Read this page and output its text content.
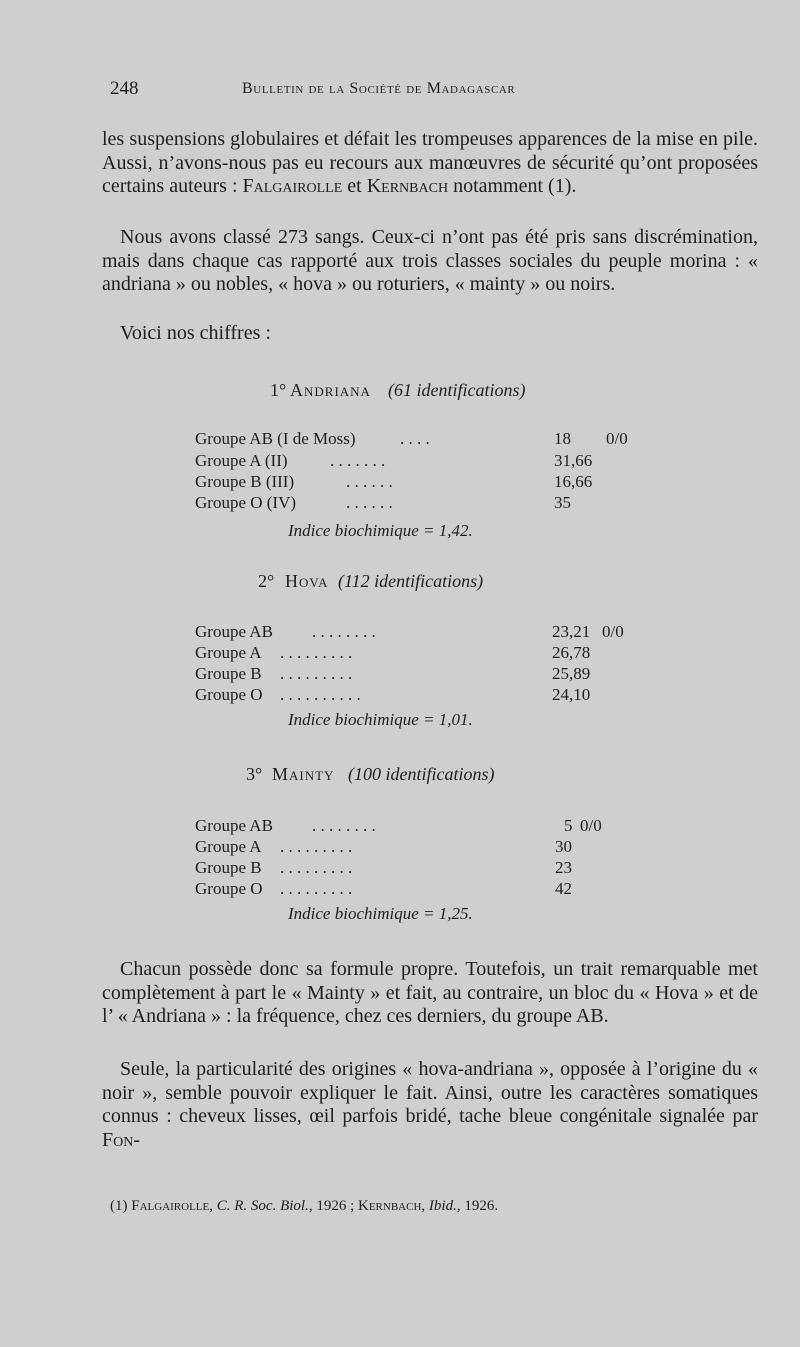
248	Bulletin de la Société de Madagascar

les suspensions globulaires et défait les trompeuses apparences de la mise en pile. Aussi, n’avons-nous pas eu recours aux manœuvres de sécurité qu’ont proposées certains auteurs : Falgairolle et Kernbach notamment (1).

Nous avons classé 273 sangs. Ceux-ci n’ont pas été pris sans discrémination, mais dans chaque cas rapporté aux trois classes sociales du peuple morina : « andriana » ou nobles, « hova » ou roturiers, « mainty » ou noirs.

Voici nos chiffres :

1° Andriana (61 identifications)
Groupe AB (I de Moss)	. . . .	18 0/0
Groupe A (II) . . . . . . .	31,66
Groupe B (III)	. . . . . .	16,66
Groupe O (IV)	. . . . . .	35
Indice biochimique = 1,42.
2° Hova (112 identifications)
Groupe AB . . . . . . . .	23,21 0/0
Groupe A . . . . . . . . .	26,78
Groupe B . . . . . . . . .	25,89
Groupe O . . . . . . . . . .	24,10
Indice biochimique = 1,01.
3° Mainty (100 identifications)
Groupe AB . . . . . . . .	5 0/0
Groupe A . . . . . . . . .	30
Groupe B . . . . . . . . .	23
Groupe O . . . . . . . . .	42
Indice biochimique = 1,25.

Chacun possède donc sa formule propre. Toutefois, un trait remarquable met complètement à part le « Mainty » et fait, au contraire, un bloc du « Hova » et de l’ « Andriana » : la fréquence, chez ces derniers, du groupe AB.

Seule, la particularité des origines « hova-andriana », opposée à l’origine du « noir », semble pouvoir expliquer le fait. Ainsi, outre les caractères somatiques connus : cheveux lisses, œil parfois bridé, tache bleue congénitale signalée par Fon-

(1) Falgairolle, C. R. Soc. Biol., 1926 ; Kernbach, Ibid., 1926.
